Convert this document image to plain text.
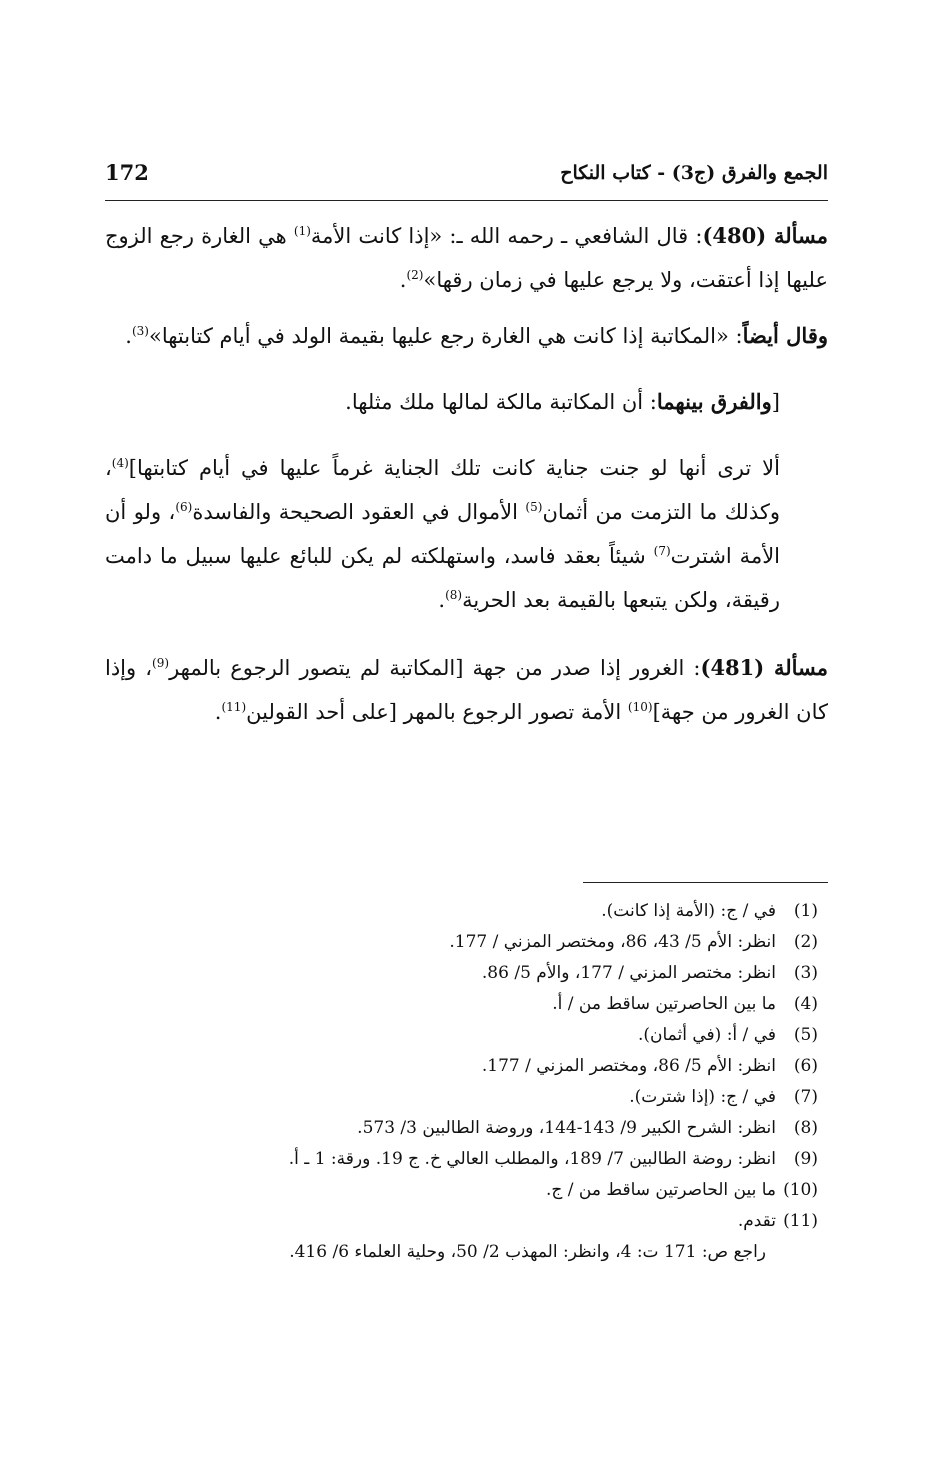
172	الجمع والفرق (ج3) - كتاب النكاح

مسألة (480): قال الشافعي ـ رحمه الله ـ: «إذا كانت الأمة$^{(1)}$ هي الغارة رجع الزوج عليها إذا أعتقت، ولا يرجع عليها في زمان رقها»$^{(2)}$.

وقال أيضاً: «المكاتبة إذا كانت هي الغارة رجع عليها بقيمة الولد في أيام كتابتها»$^{(3)}$.

[والفرق بينهما: أن المكاتبة مالكة لمالها ملك مثلها.

ألا ترى أنها لو جنت جناية كانت تلك الجناية غرماً عليها في أيام كتابتها]$^{(4)}$، وكذلك ما التزمت من أثمان$^{(5)}$ الأموال في العقود الصحيحة والفاسدة$^{(6)}$، ولو أن الأمة اشترت$^{(7)}$ شيئاً بعقد فاسد، واستهلكته لم يكن للبائع عليها سبيل ما دامت رقيقة، ولكن يتبعها بالقيمة بعد الحرية$^{(8)}$.

مسألة (481): الغرور إذا صدر من جهة [المكاتبة لم يتصور الرجوع بالمهر$^{(9)}$، وإذا كان الغرور من جهة]$^{(10)}$ الأمة تصور الرجوع بالمهر [على أحد القولين$^{(11)}$.

(1)
في / ج: (الأمة إذا كانت).
(2)
انظر: الأم 5/ 43، 86، ومختصر المزني / 177.
(3)
انظر: مختصر المزني / 177، والأم 5/ 86.
(4)
ما بين الحاصرتين ساقط من / أ.
(5)
في / أ: (في أثمان).
(6)
انظر: الأم 5/ 86، ومختصر المزني / 177.
(7)
في / ج: (إذا شترت).
(8)
انظر: الشرح الكبير 9/ 143-144، وروضة الطالبين 3/ 573.
(9)
انظر: روضة الطالبين 7/ 189، والمطلب العالي خ. ج 19. ورقة: 1 ـ أ.
(10)
ما بين الحاصرتين ساقط من / ج.
(11)
تقدم.
راجع ص: 171 ت: 4، وانظر: المهذب 2/ 50، وحلية العلماء 6/ 416.
